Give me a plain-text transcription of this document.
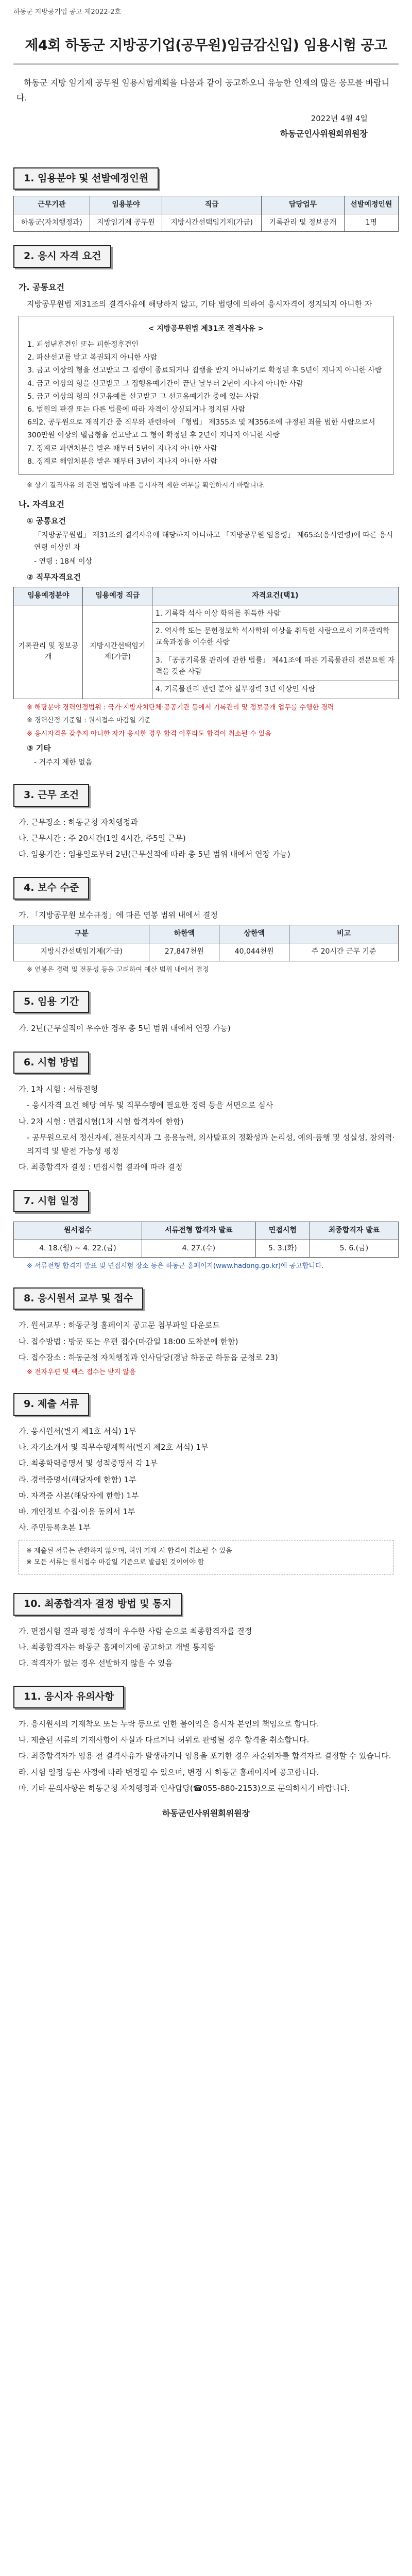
하동군 지방공기업 공고 제2022-2호
제4회 하동군 지방공기업(공무원)임금감신입) 임용시험 공고

하동군 지방 임기제 공무원 임용시험계획을 다음과 같이 공고하오니 유능한 인재의 많은 응모를 바랍니다.

2022년 4월 4일
하동군인사위원회위원장
1. 임용분야 및 선발예정인원
근무기관	임용분야	직급	담당업무	선발예정인원
하동군(자치행정과)	지방임기제 공무원	지방시간선택임기제(가급)	기록관리 및 정보공개	1명
2. 응시 자격 요건
가. 공통요건

지방공무원법 제31조의 결격사유에 해당하지 않고, 기타 법령에 의하여 응시자격이 정지되지 아니한 자

< 지방공무원법 제31조 결격사유 >
1. 피성년후견인 또는 피한정후견인
2. 파산선고를 받고 복권되지 아니한 사람
3. 금고 이상의 형을 선고받고 그 집행이 종료되거나 집행을 받지 아니하기로 확정된 후 5년이 지나지 아니한 사람
4. 금고 이상의 형을 선고받고 그 집행유예기간이 끝난 날부터 2년이 지나지 아니한 사람
5. 금고 이상의 형의 선고유예를 선고받고 그 선고유예기간 중에 있는 사람
6. 법원의 판결 또는 다른 법률에 따라 자격이 상실되거나 정지된 사람
6의2. 공무원으로 재직기간 중 직무와 관련하여 「형법」 제355조 및 제356조에 규정된 죄를 범한 사람으로서 300만원 이상의 벌금형을 선고받고 그 형이 확정된 후 2년이 지나지 아니한 사람
7. 징계로 파면처분을 받은 때부터 5년이 지나지 아니한 사람
8. 징계로 해임처분을 받은 때부터 3년이 지나지 아니한 사람

※ 상기 결격사유 외 관련 법령에 따른 응시자격 제한 여부를 확인하시기 바랍니다.

나. 자격요건

① 공통요건

「지방공무원법」 제31조의 결격사유에 해당하지 아니하고 「지방공무원 임용령」 제65조(응시연령)에 따른 응시연령 이상인 자

- 연령 : 18세 이상

② 직무자격요건

임용예정분야	임용예정 직급	자격요건(택1)
기록관리 및 정보공개	지방시간선택임기제(가급)	1. 기록학 석사 이상 학위를 취득한 사람
		2. 역사학 또는 문헌정보학 석사학위 이상을 취득한 사람으로서 기록관리학 교육과정을 이수한 사람
		3. 「공공기록물 관리에 관한 법률」 제41조에 따른 기록물관리 전문요원 자격을 갖춘 사람
		4. 기록물관리 관련 분야 실무경력 3년 이상인 사람

※ 해당분야 경력인정범위 : 국가·지방자치단체·공공기관 등에서 기록관리 및 정보공개 업무를 수행한 경력

※ 경력산정 기준일 : 원서접수 마감일 기준

※ 응시자격을 갖추지 아니한 자가 응시한 경우 합격 이후라도 합격이 취소될 수 있음

③ 기타

- 거주지 제한 없음

3. 근무 조건

가. 근무장소 : 하동군청 자치행정과

나. 근무시간 : 주 20시간(1일 4시간, 주5일 근무)

다. 임용기간 : 임용일로부터 2년(근무실적에 따라 총 5년 범위 내에서 연장 가능)

4. 보수 수준

가. 「지방공무원 보수규정」에 따른 연봉 범위 내에서 결정

구분	하한액	상한액	비고
지방시간선택임기제(가급)	27,847천원	40,044천원	주 20시간 근무 기준

※ 연봉은 경력 및 전문성 등을 고려하여 예산 범위 내에서 결정

5. 임용 기간

가. 2년(근무실적이 우수한 경우 총 5년 범위 내에서 연장 가능)

6. 시험 방법

가. 1차 시험 : 서류전형

- 응시자격 요건 해당 여부 및 직무수행에 필요한 경력 등을 서면으로 심사

나. 2차 시험 : 면접시험(1차 시험 합격자에 한함)

- 공무원으로서 정신자세, 전문지식과 그 응용능력, 의사발표의 정확성과 논리성, 예의·품행 및 성실성, 창의력·의지력 및 발전 가능성 평정

다. 최종합격자 결정 : 면접시험 결과에 따라 결정

7. 시험 일정
원서접수	서류전형 합격자 발표	면접시험	최종합격자 발표
4. 18.(월) ~ 4. 22.(금)	4. 27.(수)	5. 3.(화)	5. 6.(금)

※ 서류전형 합격자 발표 및 면접시험 장소 등은 하동군 홈페이지(www.hadong.go.kr)에 공고합니다.

8. 응시원서 교부 및 접수

가. 원서교부 : 하동군청 홈페이지 공고문 첨부파일 다운로드

나. 접수방법 : 방문 또는 우편 접수(마감일 18:00 도착분에 한함)

다. 접수장소 : 하동군청 자치행정과 인사담당(경남 하동군 하동읍 군청로 23)

※ 전자우편 및 팩스 접수는 받지 않음

9. 제출 서류

가. 응시원서(별지 제1호 서식) 1부

나. 자기소개서 및 직무수행계획서(별지 제2호 서식) 1부

다. 최종학력증명서 및 성적증명서 각 1부

라. 경력증명서(해당자에 한함) 1부

마. 자격증 사본(해당자에 한함) 1부

바. 개인정보 수집·이용 동의서 1부

사. 주민등록초본 1부

※ 제출된 서류는 반환하지 않으며, 허위 기재 시 합격이 취소될 수 있음
※ 모든 서류는 원서접수 마감일 기준으로 발급된 것이어야 함
10. 최종합격자 결정 방법 및 통지

가. 면접시험 결과 평정 성적이 우수한 사람 순으로 최종합격자를 결정

나. 최종합격자는 하동군 홈페이지에 공고하고 개별 통지함

다. 적격자가 없는 경우 선발하지 않을 수 있음

11. 응시자 유의사항

가. 응시원서의 기재착오 또는 누락 등으로 인한 불이익은 응시자 본인의 책임으로 합니다.

나. 제출된 서류의 기재사항이 사실과 다르거나 허위로 판명될 경우 합격을 취소합니다.

다. 최종합격자가 임용 전 결격사유가 발생하거나 임용을 포기한 경우 차순위자를 합격자로 결정할 수 있습니다.

라. 시험 일정 등은 사정에 따라 변경될 수 있으며, 변경 시 하동군 홈페이지에 공고합니다.

마. 기타 문의사항은 하동군청 자치행정과 인사담당(☎055-880-2153)으로 문의하시기 바랍니다.

하동군인사위원회위원장
